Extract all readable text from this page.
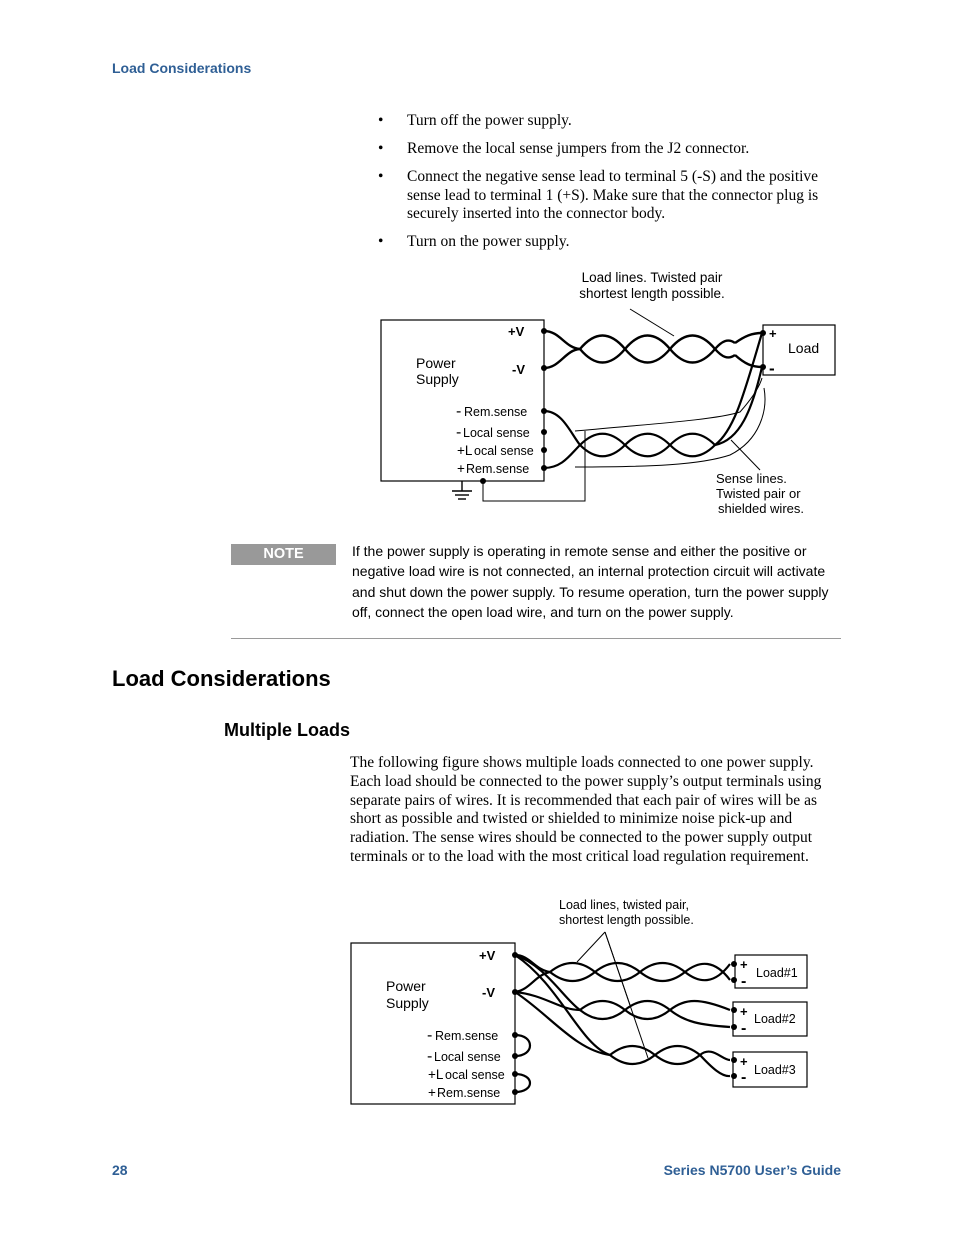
Load Considerations
• Turn off the power supply.
• Remove the local sense jumpers from the J2 connector.
• Connect the negative sense lead to terminal 5 (-S) and the positive sense lead to terminal 1 (+S). Make sure that the connector plug is securely inserted into the connector body.
• Turn on the power supply.
Load lines. Twisted pair
shortest length possible.
Power
Supply
+V
-V
- Rem.sense
- Local sense
+L ocal sense
+ Rem.sense
+
-
Load
Sense lines.
Twisted pair or
shielded wires.
NOTE	If the power supply is operating in remote sense and either the positive or negative load wire is not connected, an internal protection circuit will activate and shut down the power supply. To resume operation, turn the power supply off, connect the open load wire, and turn on the power supply.

Load Considerations
Multiple Loads

The following figure shows multiple loads connected to one power supply. Each load should be connected to the power supply’s output terminals using separate pairs of wires. It is recommended that each pair of wires will be as short as possible and twisted or shielded to minimize noise pick-up and radiation. The sense wires should be connected to the power supply output terminals or to the load with the most critical load regulation requirement.

Load lines, twisted pair,
shortest length possible.
Power
Supply
+V
-V
- Rem.sense
- Local sense
+L ocal sense
+ Rem.sense
+
- Load#1
+
-
Load#2
+
- Load#3
28	Series N5700 User’s Guide
